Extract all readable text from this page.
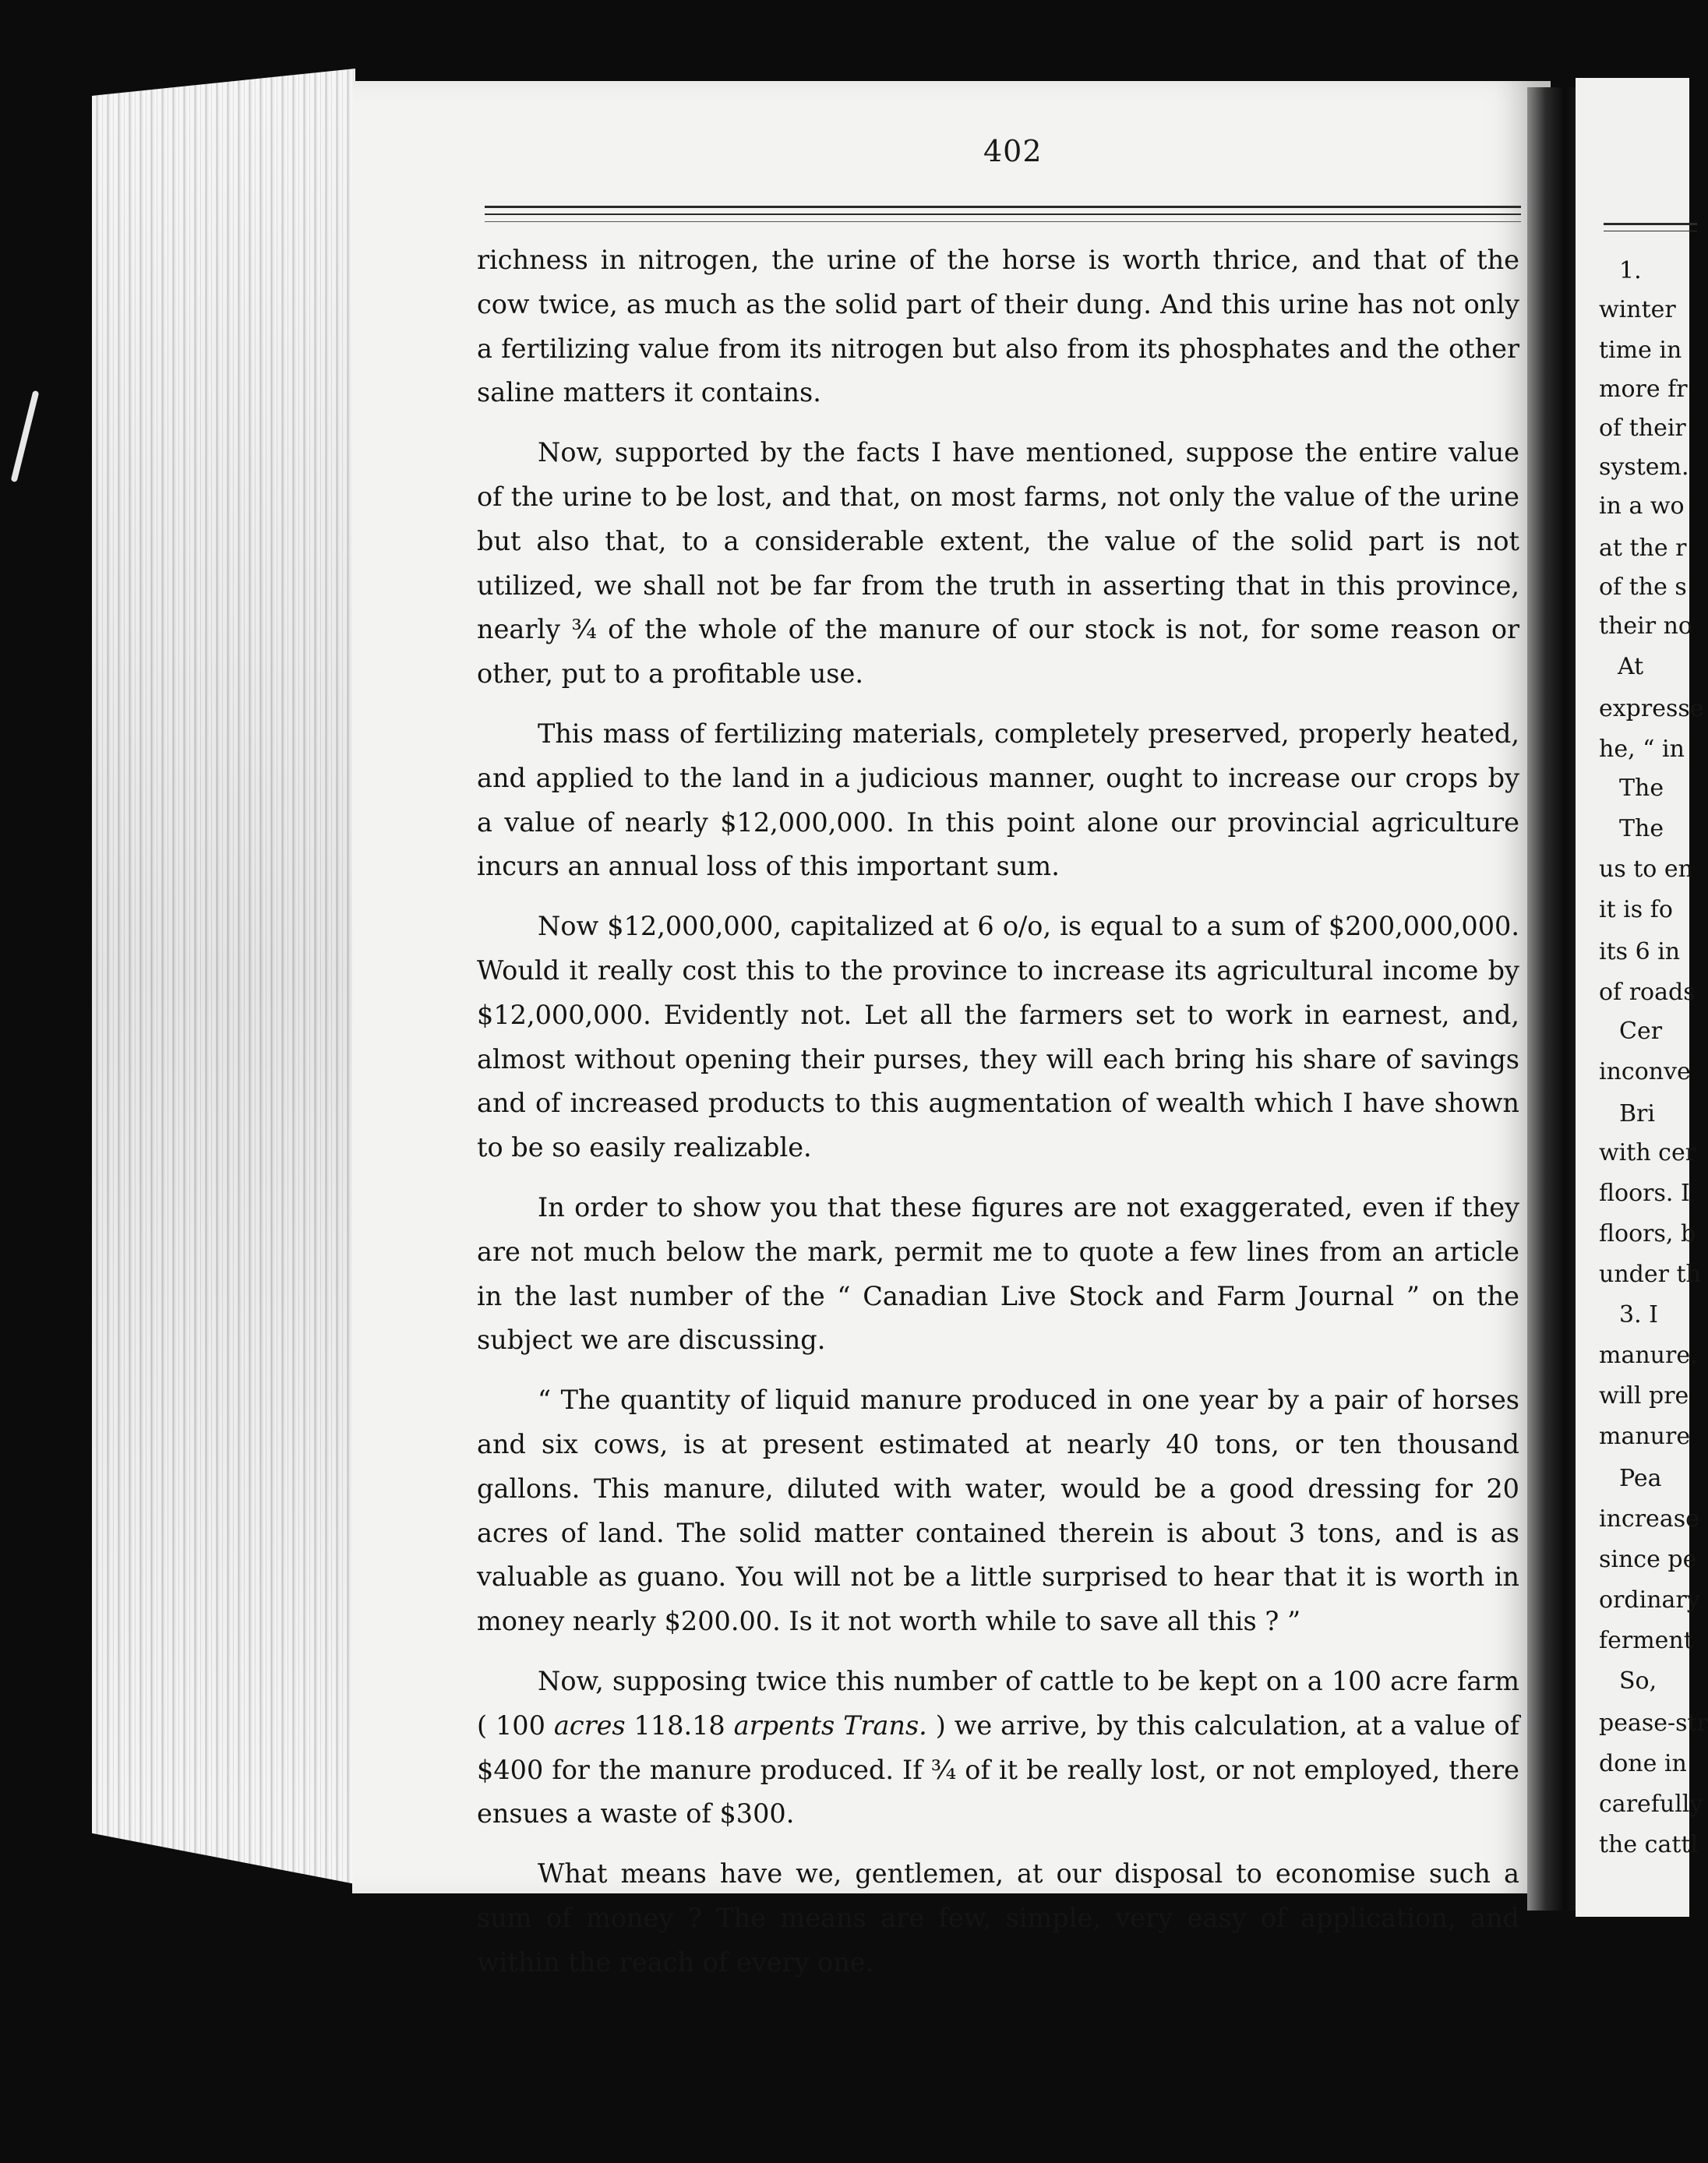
1.
winter
time in
more fr
of their
system.
in a wo
at the r
of the s
their no
At
expresse
he, “ in
The
The
us to en
it is fo
its 6 in
of roads
Cer
inconve
Bri
with cer
floors. I
floors, b
under th
3. I
manure.
will pre
manure
Pea
increase
since pe
ordinary
ferment
So,
pease-str
done in
carefully
the cattl
402

richness in nitrogen, the urine of the horse is worth thrice, and that of the cow twice, as much as the solid part of their dung. And this urine has not only a fertilizing value from its nitrogen but also from its phosphates and the other saline matters it contains.

Now, supported by the facts I have mentioned, suppose the entire value of the urine to be lost, and that, on most farms, not only the value of the urine but also that, to a considerable extent, the value of the solid part is not utilized, we shall not be far from the truth in asserting that in this province, nearly ¾ of the whole of the manure of our stock is not, for some reason or other, put to a profitable use.

This mass of fertilizing materials, completely preserved, properly heated, and applied to the land in a judicious manner, ought to increase our crops by a value of nearly $12,000,000. In this point alone our provincial agriculture incurs an annual loss of this important sum.

Now $12,000,000, capitalized at 6 o/o, is equal to a sum of $200,000,000. Would it really cost this to the province to increase its agricultural income by $12,000,000. Evidently not. Let all the farmers set to work in earnest, and, almost without opening their purses, they will each bring his share of savings and of increased products to this augmentation of wealth which I have shown to be so easily realizable.

In order to show you that these figures are not exaggerated, even if they are not much below the mark, permit me to quote a few lines from an article in the last number of the “ Canadian Live Stock and Farm Journal ” on the subject we are discussing.

“ The quantity of liquid manure produced in one year by a pair of horses and six cows, is at present estimated at nearly 40 tons, or ten thousand gallons. This manure, diluted with water, would be a good dressing for 20 acres of land. The solid matter contained therein is about 3 tons, and is as valuable as guano. You will not be a little surprised to hear that it is worth in money nearly $200.00. Is it not worth while to save all this ? ”

Now, supposing twice this number of cattle to be kept on a 100 acre farm ( 100 acres 118.18 arpents Trans. ) we arrive, by this calculation, at a value of $400 for the manure produced. If ¾ of it be really lost, or not employed, there ensues a waste of $300.

What means have we, gentlemen, at our disposal to economise such a sum of money ? The means are few, simple, very easy of application, and within the reach of every one.
